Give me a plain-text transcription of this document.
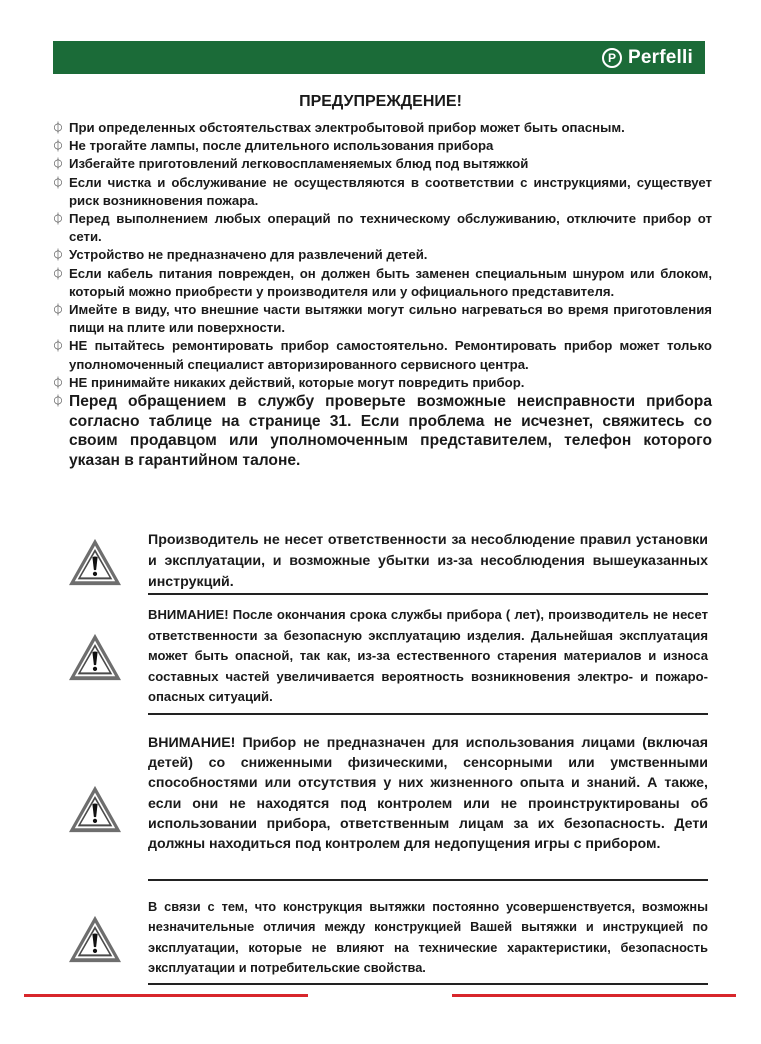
P Perfelli
ПРЕДУПРЕЖДЕНИЕ!
⏀ При определенных обстоятельствах электробытовой прибор может быть опасным.
⏀ Не трогайте лампы, после длительного использования прибора
⏀ Избегайте приготовлений легковоспламеняемых блюд под вытяжкой
⏀ Если чистка и обслуживание не осуществляются в соответствии с инструкциями, существует риск возникновения пожара.
⏀ Перед выполнением любых операций по техническому обслуживанию, отключите прибор от сети.
⏀ Устройство не предназначено для развлечений детей.
⏀ Если кабель питания поврежден, он должен быть заменен специальным шнуром или блоком, который можно приобрести у производителя или у официального представителя.
⏀ Имейте в виду, что внешние части вытяжки могут сильно нагреваться во время приготовления пищи на плите или поверхности.
⏀ НЕ пытайтесь ремонтировать прибор самостоятельно. Ремонтировать прибор может только уполномоченный специалист авторизированного сервисного центра.
⏀ НЕ принимайте никаких действий, которые могут повредить прибор.
⏀ Перед обращением в службу проверьте возможные неисправности прибора согласно таблице на странице 31. Если проблема не исчезнет, свяжитесь со своим продавцом или уполномоченным представителем, телефон которого указан в гарантийном талоне.
Производитель не несет ответственности за несоблюдение правил установки и эксплуатации, и возможные убытки из-за несоблюдения вышеуказанных инструкций.
ВНИМАНИЕ! После окончания срока службы прибора ( лет), производитель не несет ответственности за безопасную эксплуатацию изделия. Дальнейшая эксплуатация может быть опасной, так как, из-за естественного старения материалов и износа составных частей увеличивается вероятность возникновения электро- и пожаро-опасных ситуаций.
ВНИМАНИЕ! Прибор не предназначен для использования лицами (включая детей) со сниженными физическими, сенсорными или умственными способностями или отсутствия у них жизненного опыта и знаний. А также, если они не находятся под контролем или не проинструктированы об использовании прибора, ответственным лицам за их безопасность. Дети должны находиться под контролем для недопущения игры с прибором.
В связи с тем, что конструкция вытяжки постоянно усовершенствуется, возможны незначительные отличия между конструкцией Вашей вытяжки и инструкцией по эксплуатации, которые не влияют на технические характеристики, безопасность эксплуатации и потребительские свойства.
